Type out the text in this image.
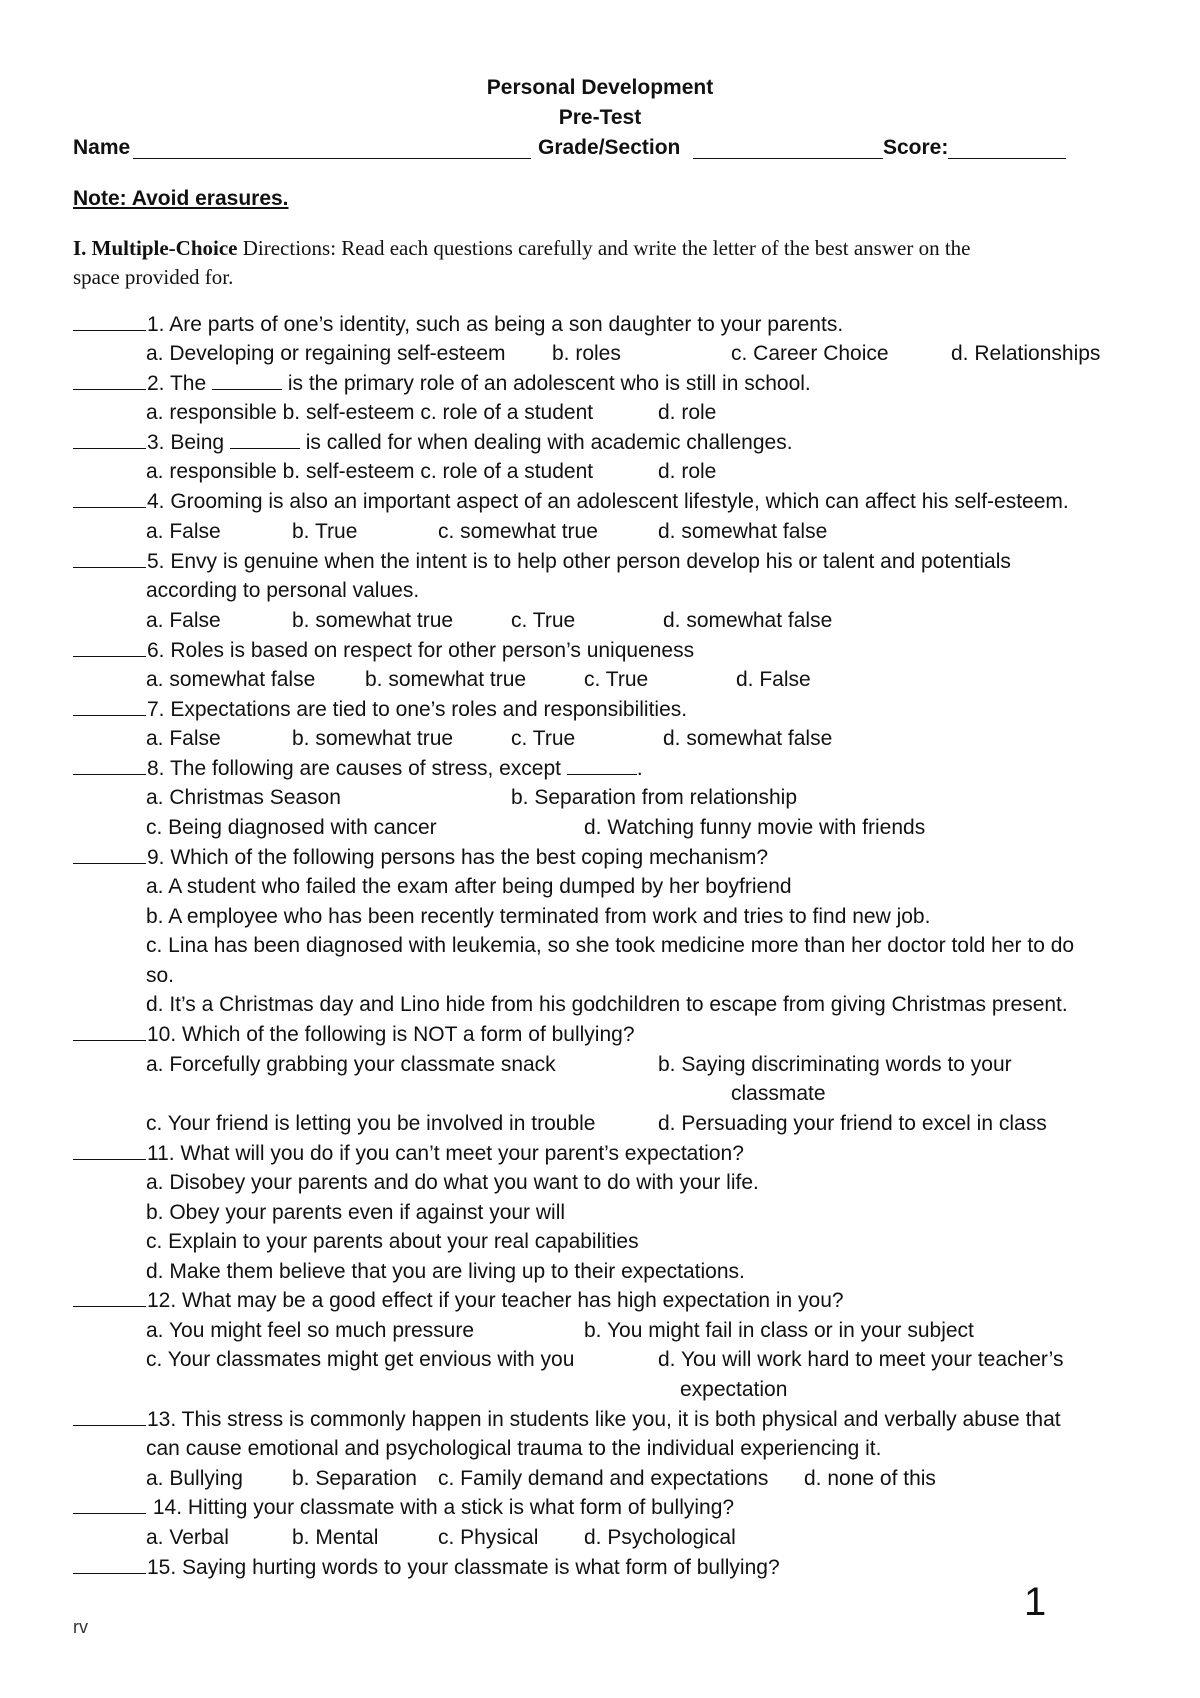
Personal Development
Pre-Test
Name	Grade/Section	Score:
Note: Avoid erasures.
I. Multiple-Choice Directions: Read each questions carefully and write the letter of the best answer on the
space provided for.
1. Are parts of one’s identity, such as being a son daughter to your parents.
a. Developing or regaining self-esteem b. roles	c. Career Choice	d. Relationships
2. The	is the primary role of an adolescent who is still in school.
a. responsible b. self-esteem c. role of a student	d. role
3. Being	is called for when dealing with academic challenges.
a. responsible b. self-esteem c. role of a student	d. role
4. Grooming is also an important aspect of an adolescent lifestyle, which can affect his self-esteem.
a. False	b. True	c. somewhat true	d. somewhat false
5. Envy is genuine when the intent is to help other person develop his or talent and potentials
according to personal values.
a. False	b. somewhat true	c. True	d. somewhat false
6. Roles is based on respect for other person’s uniqueness
a. somewhat false b. somewhat true	c. True	d. False
7. Expectations are tied to one’s roles and responsibilities.
a. False	b. somewhat true	c. True	d. somewhat false
8. The following are causes of stress, except	.
a. Christmas Season	b. Separation from relationship
c. Being diagnosed with cancer	d. Watching funny movie with friends
9. Which of the following persons has the best coping mechanism?
a. A student who failed the exam after being dumped by her boyfriend
b. A employee who has been recently terminated from work and tries to find new job.
c. Lina has been diagnosed with leukemia, so she took medicine more than her doctor told her to do
so.
d. It’s a Christmas day and Lino hide from his godchildren to escape from giving Christmas present.
10. Which of the following is NOT a form of bullying?
a. Forcefully grabbing your classmate snack	b. Saying discriminating words to your
classmate
c. Your friend is letting you be involved in trouble	d. Persuading your friend to excel in class
11. What will you do if you can’t meet your parent’s expectation?
a. Disobey your parents and do what you want to do with your life.
b. Obey your parents even if against your will
c. Explain to your parents about your real capabilities
d. Make them believe that you are living up to their expectations.
12. What may be a good effect if your teacher has high expectation in you?
a. You might feel so much pressure	b. You might fail in class or in your subject
c. Your classmates might get envious with you	d. You will work hard to meet your teacher’s
expectation
13. This stress is commonly happen in students like you, it is both physical and verbally abuse that
can cause emotional and psychological trauma to the individual experiencing it.
a. Bullying b. Separation c. Family demand and expectations d. none of this
14. Hitting your classmate with a stick is what form of bullying?
a. Verbal	b. Mental	c. Physical d. Psychological
15. Saying hurting words to your classmate is what form of bullying?
rv
1
